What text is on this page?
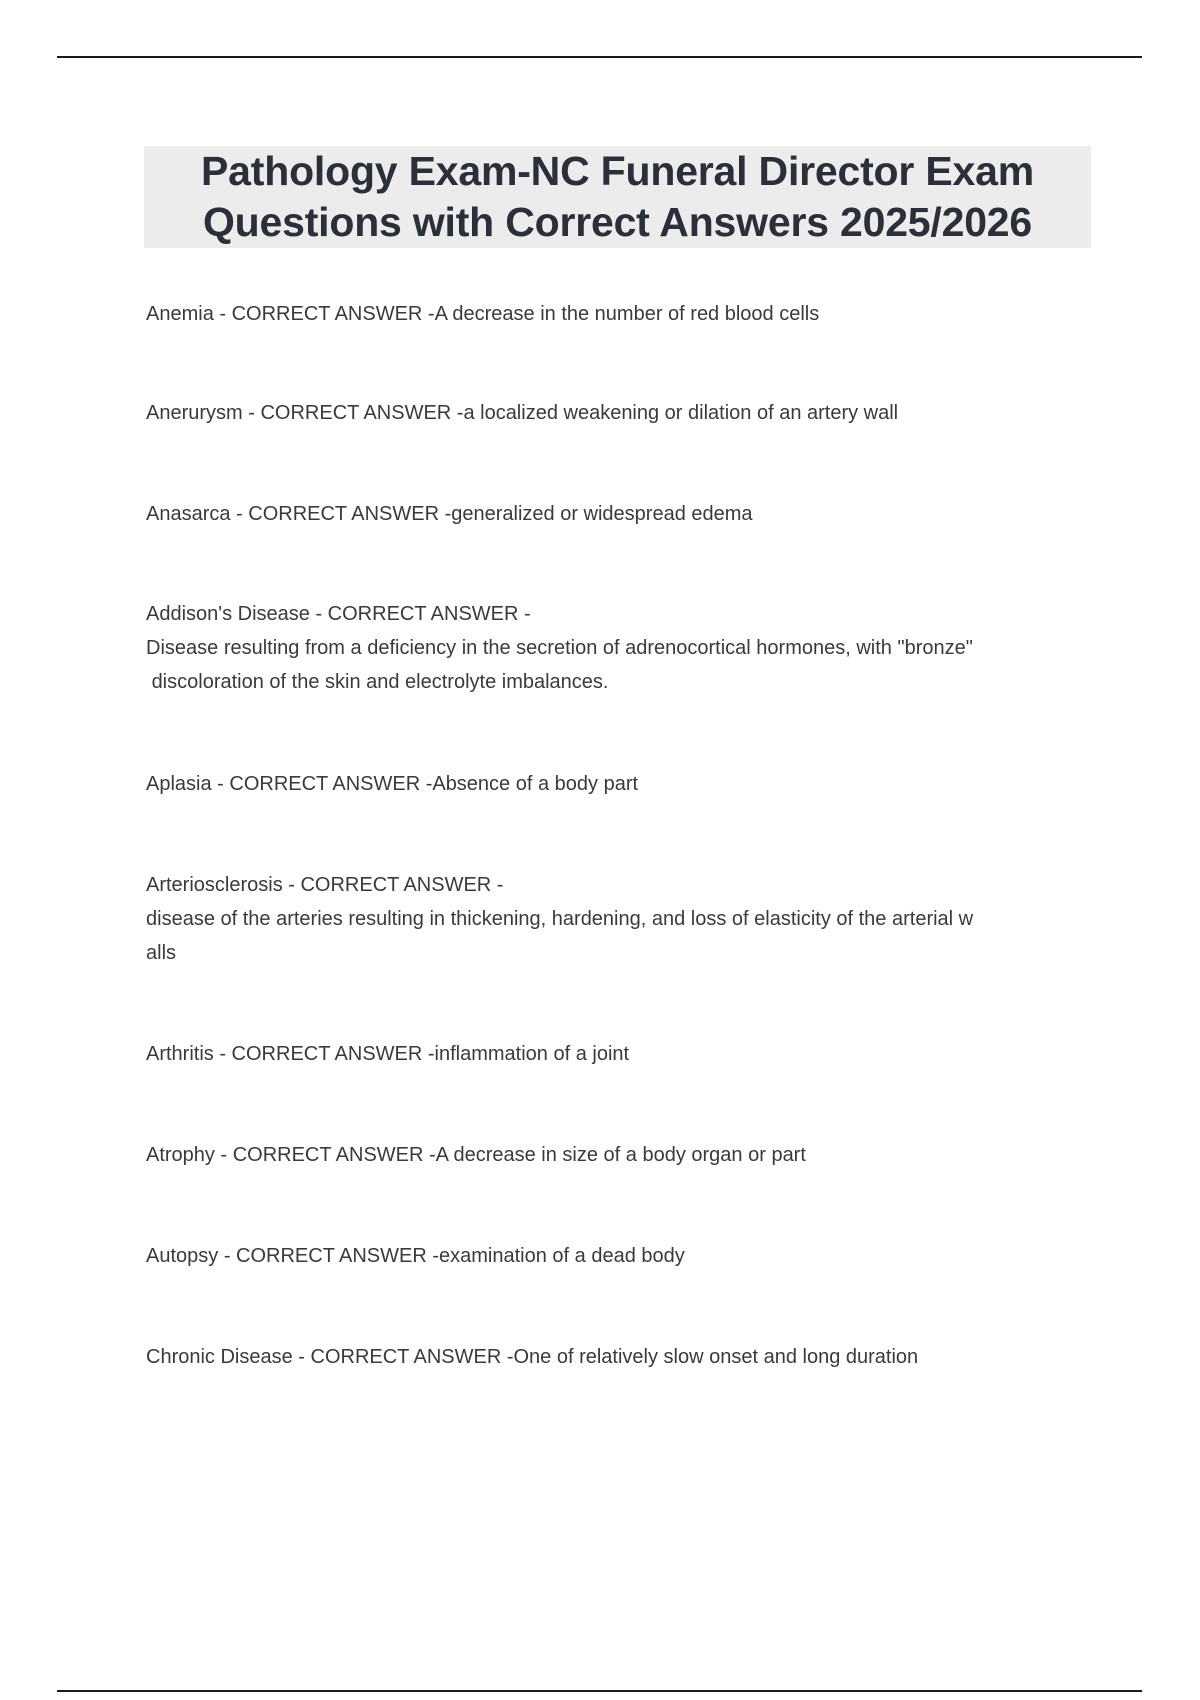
Pathology Exam-NC Funeral Director Exam Questions with Correct Answers 2025/2026
Anemia - CORRECT ANSWER -A decrease in the number of red blood cells
Anerurysm - CORRECT ANSWER -a localized weakening or dilation of an artery wall
Anasarca - CORRECT ANSWER -generalized or widespread edema
Addison's Disease - CORRECT ANSWER -
Disease resulting from a deficiency in the secretion of adrenocortical hormones, with "bronze"
discoloration of the skin and electrolyte imbalances.
Aplasia - CORRECT ANSWER -Absence of a body part
Arteriosclerosis - CORRECT ANSWER -
disease of the arteries resulting in thickening, hardening, and loss of elasticity of the arterial w
alls
Arthritis - CORRECT ANSWER -inflammation of a joint
Atrophy - CORRECT ANSWER -A decrease in size of a body organ or part
Autopsy - CORRECT ANSWER -examination of a dead body
Chronic Disease - CORRECT ANSWER -One of relatively slow onset and long duration
